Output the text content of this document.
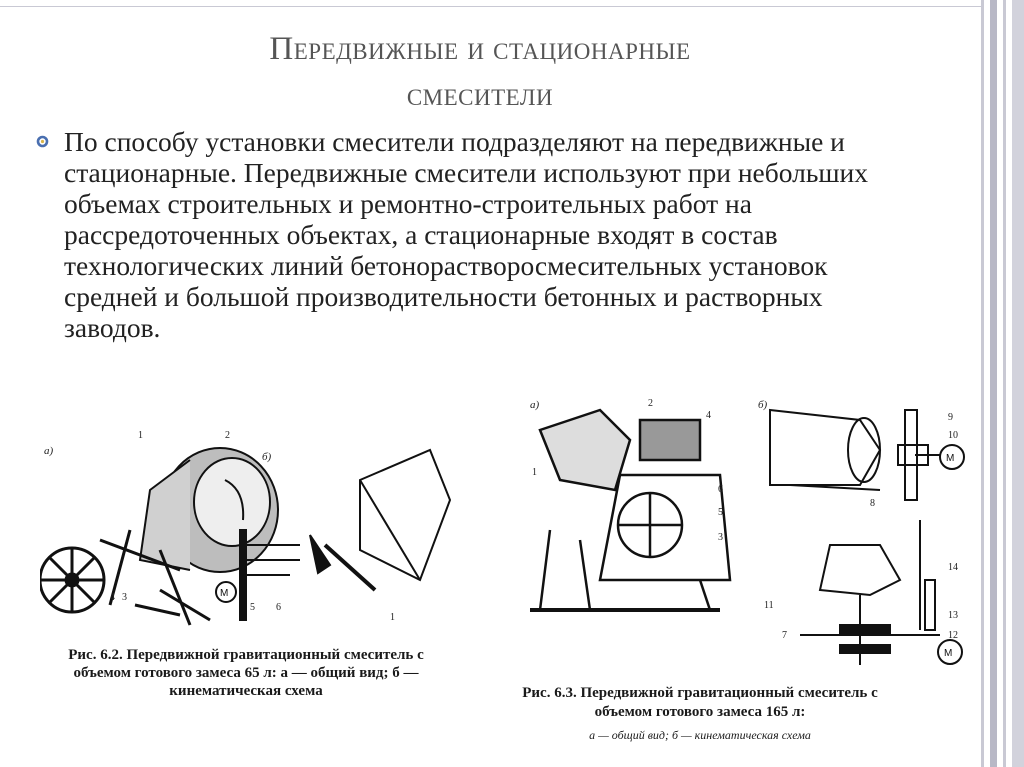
Передвижные и стационарные
смесители
По способу установки смесители подразделяют на передвижные и стационарные. Передвижные смесители используют при небольших объемах строительных и ремонтно-строительных работ на рассредоточенных объектах, а стационарные входят в состав технологических линий бетонорастворосмесительных установок средней и большой производительности бетонных и растворных заводов.
а)	б)
1	2
3
4
5 6
1
М
Рис. 6.2. Передвижной гравитационный смеситель с
объемом готового замеса 65 л: а — общий вид; б —
кинематическая схема
а)	б)
М
М
1
2
3
4
5
6
7
8
9
10
11
12
13
14
Рис. 6.3. Передвижной гравитационный смеситель с
объемом готового замеса 165 л:
а — общий вид; б — кинематическая схема
